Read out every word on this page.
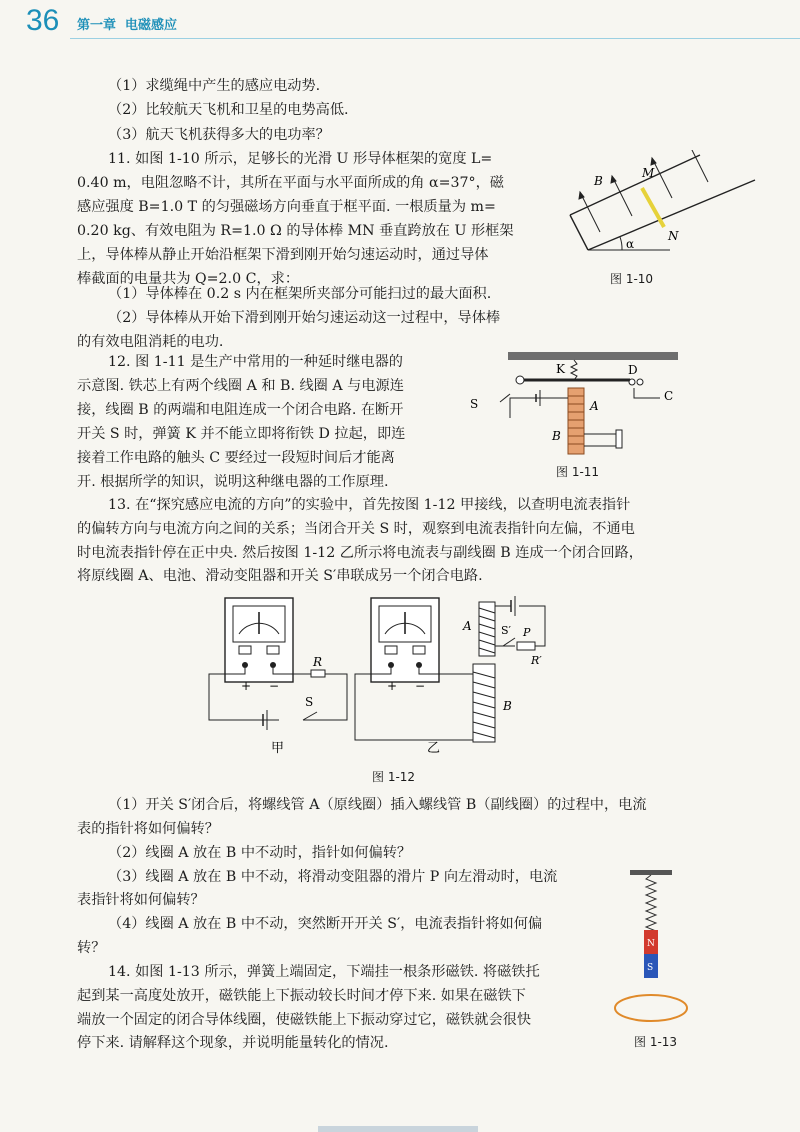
36 第一章  电磁感应
（1）求缆绳中产生的感应电动势.
（2）比较航天飞机和卫星的电势高低.
（3）航天飞机获得多大的电功率？
11. 如图 1-10 所示，足够长的光滑 U 形导体框架的宽度 L=
0.40 m，电阻忽略不计，其所在平面与水平面所成的角 α=37°，磁
感应强度 B=1.0 T 的匀强磁场方向垂直于框平面. 一根质量为 m=
0.20 kg、有效电阻为 R=1.0 Ω 的导体棒 MN 垂直跨放在 U 形框架
上，导体棒从静止开始沿框架下滑到刚开始匀速运动时，通过导体
棒截面的电量共为 Q=2.0 C，求：
（1）导体棒在 0.2 s 内在框架所夹部分可能扫过的最大面积.
（2）导体棒从开始下滑到刚开始匀速运动这一过程中，导体棒
的有效电阻消耗的电功.
12. 图 1-11 是生产中常用的一种延时继电器的
示意图. 铁芯上有两个线圈 A 和 B. 线圈 A 与电源连
接，线圈 B 的两端和电阻连成一个闭合电路. 在断开
开关 S 时，弹簧 K 并不能立即将衔铁 D 拉起，即连
接着工作电路的触头 C 要经过一段短时间后才能离
开. 根据所学的知识，说明这种继电器的工作原理.
13. 在“探究感应电流的方向”的实验中，首先按图 1-12 甲接线，以查明电流表指针
的偏转方向与电流方向之间的关系；当闭合开关 S 时，观察到电流表指针向左偏，不通电
时电流表指针停在正中央. 然后按图 1-12 乙所示将电流表与副线圈 B 连成一个闭合回路，
将原线圈 A、电池、滑动变阻器和开关 S′串联成另一个闭合电路.
（1）开关 S′闭合后，将螺线管 A（原线圈）插入螺线管 B（副线圈）的过程中，电流
表的指针将如何偏转？
（2）线圈 A 放在 B 中不动时，指针如何偏转？
（3）线圈 A 放在 B 中不动，将滑动变阻器的滑片 P 向左滑动时，电流
表指针将如何偏转？
（4）线圈 A 放在 B 中不动，突然断开开关 S′，电流表指针将如何偏
转？
14. 如图 1-13 所示，弹簧上端固定，下端挂一根条形磁铁. 将磁铁托
起到某一高度处放开，磁铁能上下振动较长时间才停下来. 如果在磁铁下
端放一个固定的闭合导体线圈，使磁铁能上下振动穿过它，磁铁就会很快
停下来. 请解释这个现象，并说明能量转化的情况.
α
B
M
N
图 1-10
K	D
C
A
B
S
图 1-11
+ −
R
S
甲
+ −
B
A	S′ P
R′
乙
图 1-12
N
S
图 1-13
